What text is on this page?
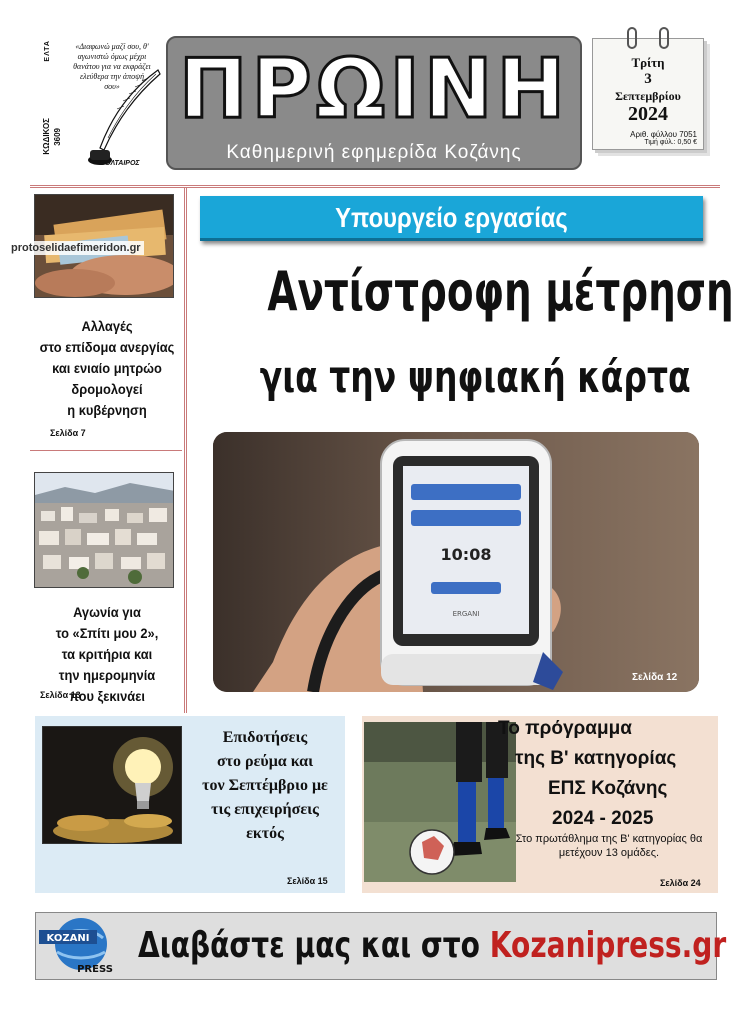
ΕΛΤΑ
ΚΩΔΙΚΟΣ 3609
«Διαφωνώ μαζί σου, θ' αγωνιστώ όμως μέχρι θανάτου για να εκφράζει ελεύθερα την άποψή σου»
ΒΟΛΤΑΙΡΟΣ
ΠΡΩΙΝΗ
Καθημερινή εφημερίδα Κοζάνης
Τρίτη
3
Σεπτεμβρίου
2024
Αριθ. φύλλου 7051
Τιμή φύλ.: 0,50 €
protoselidaefimeridon.gr
Αλλαγές
στο επίδομα ανεργίας
και ενιαίο μητρώο
δρομολογεί
η κυβέρνηση
Σελίδα 7
Αγωνία για
το «Σπίτι μου 2»,
τα κριτήρια και
την ημερομηνία
που ξεκινάει
Σελίδα 13
Υπουργείο εργασίας
Αντίστροφη μέτρηση
για την ψηφιακή κάρτα
10:08
ERGANI
Σελίδα 12
Επιδοτήσεις
στο ρεύμα και
τον Σεπτέμβριο με
τις επιχειρήσεις
εκτός
Σελίδα 15
Το πρόγραμμα
της Β' κατηγορίας
ΕΠΣ Κοζάνης
2024 - 2025
Στο πρωτάθλημα της Β' κατηγορίας θα μετέχουν 13 ομάδες.
Σελίδα 24
KOZANI
PRESS
Διαβάστε μας και στο Kozanipress.gr
